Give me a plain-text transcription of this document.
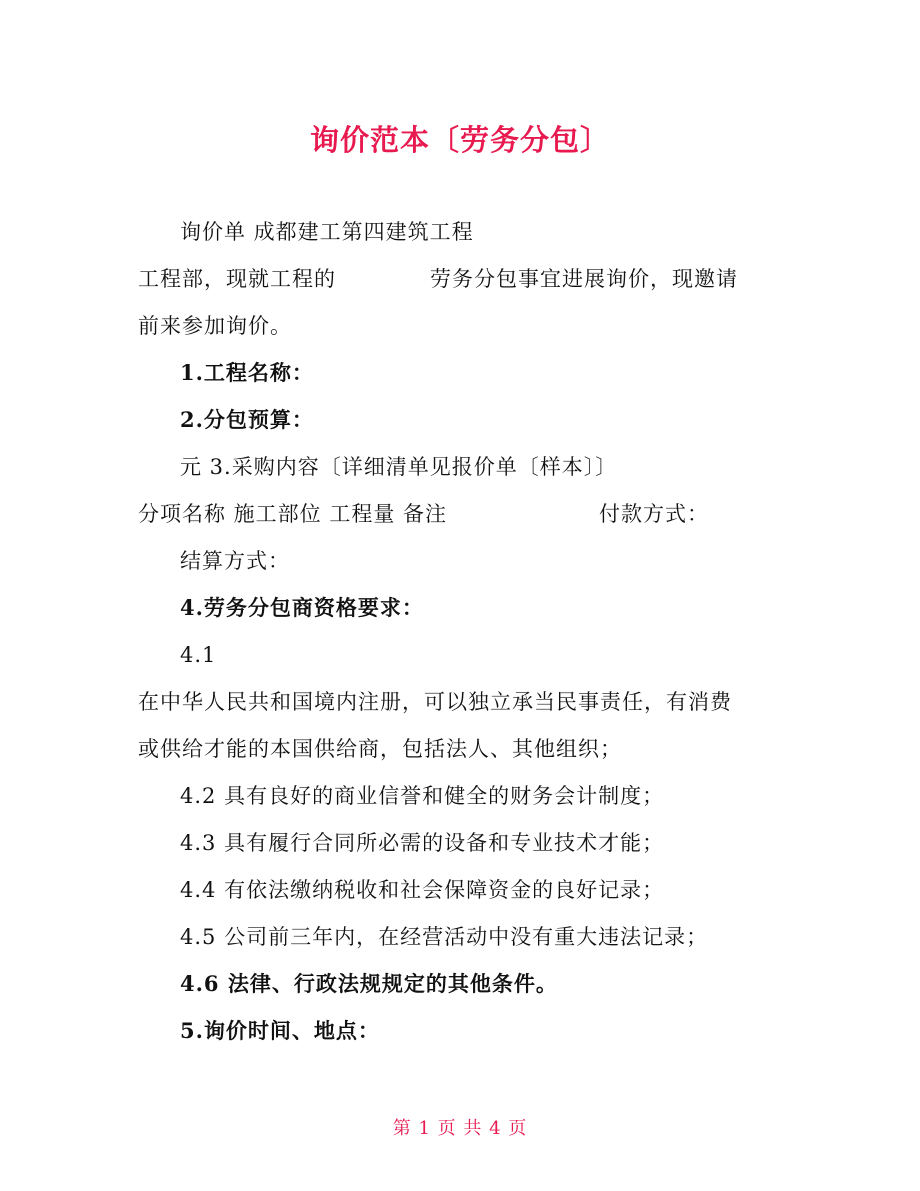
询价范本〔劳务分包〕
询价单 成都建工第四建筑工程
工程部，现就工程的	劳务分包事宜进展询价，现邀请
前来参加询价。
1.工程名称：
2.分包预算：
元 3.采购内容〔详细清单见报价单〔样本〕〕
分项名称 施工部位 工程量 备注	付款方式：
结算方式：
4.劳务分包商资格要求：
4.1
在中华人民共和国境内注册，可以独立承当民事责任，有消费
或供给才能的本国供给商，包括法人、其他组织；
4.2 具有良好的商业信誉和健全的财务会计制度；
4.3 具有履行合同所必需的设备和专业技术才能；
4.4 有依法缴纳税收和社会保障资金的良好记录；
4.5 公司前三年内，在经营活动中没有重大违法记录；
4.6 法律、行政法规规定的其他条件。
5.询价时间、地点：
第 1 页 共 4 页
